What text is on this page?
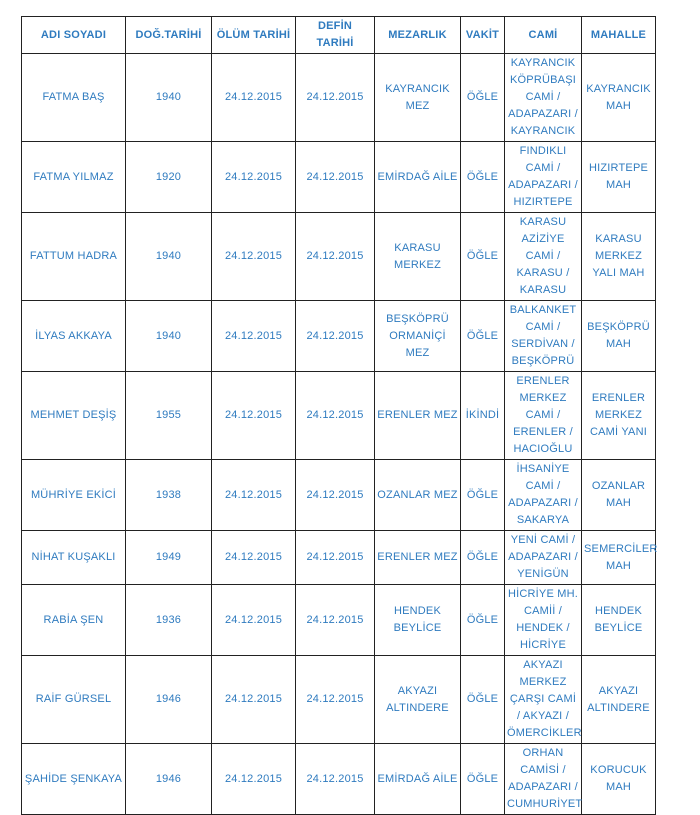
ADI SOYADI	DOĞ.TARİHİ	ÖLÜM TARİHİ	DEFİN TARİHİ	MEZARLIK	VAKİT	CAMİ	MAHALLE
FATMA BAŞ	1940	24.12.2015	24.12.2015	KAYRANCIK MEZ	ÖĞLE	KAYRANCIK KÖPRÜBAŞI CAMİ / ADAPAZARI / KAYRANCIK	KAYRANCIK MAH
FATMA YILMAZ	1920	24.12.2015	24.12.2015	EMİRDAĞ AİLE	ÖĞLE	FINDIKLI CAMİ / ADAPAZARI / HIZIRTEPE	HIZIRTEPE MAH
FATTUM HADRA	1940	24.12.2015	24.12.2015	KARASU MERKEZ	ÖĞLE	KARASU AZİZİYE CAMİ / KARASU / KARASU	KARASU MERKEZ YALI MAH
İLYAS AKKAYA	1940	24.12.2015	24.12.2015	BEŞKÖPRÜ ORMANİÇİ MEZ	ÖĞLE	BALKANKET CAMİ / SERDİVAN / BEŞKÖPRÜ	BEŞKÖPRÜ MAH
MEHMET DEŞİŞ	1955	24.12.2015	24.12.2015	ERENLER MEZ	İKİNDİ	ERENLER MERKEZ CAMİ / ERENLER / HACIOĞLU	ERENLER MERKEZ CAMİ YANI
MÜHRİYE EKİCİ	1938	24.12.2015	24.12.2015	OZANLAR MEZ	ÖĞLE	İHSANİYE CAMİ / ADAPAZARI / SAKARYA	OZANLAR MAH
NİHAT KUŞAKLI	1949	24.12.2015	24.12.2015	ERENLER MEZ	ÖĞLE	YENİ CAMİ / ADAPAZARI / YENİGÜN	SEMERCİLER MAH
RABİA ŞEN	1936	24.12.2015	24.12.2015	HENDEK BEYLİCE	ÖĞLE	HİCRİYE MH. CAMİİ / HENDEK / HİCRİYE	HENDEK BEYLİCE
RAİF GÜRSEL	1946	24.12.2015	24.12.2015	AKYAZI ALTINDERE	ÖĞLE	AKYAZI MERKEZ ÇARŞI CAMİ / AKYAZI / ÖMERCİKLER	AKYAZI ALTINDERE
ŞAHİDE ŞENKAYA	1946	24.12.2015	24.12.2015	EMİRDAĞ AİLE	ÖĞLE	ORHAN CAMİSİ / ADAPAZARI / CUMHURİYET	KORUCUK MAH
